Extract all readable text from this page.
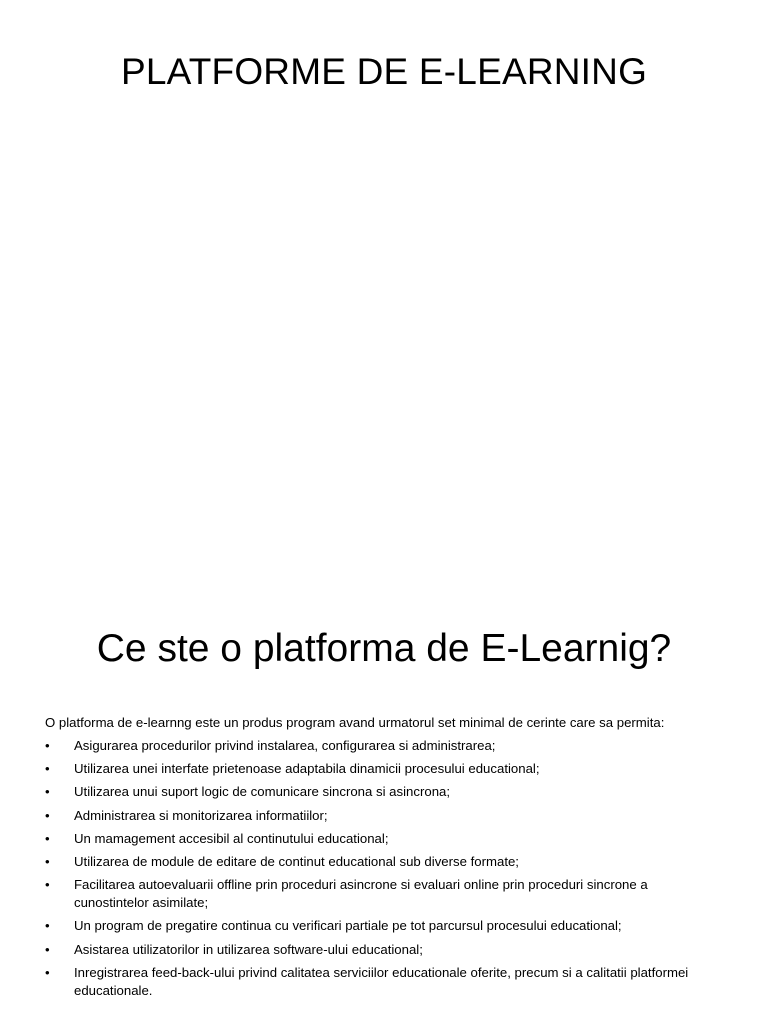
PLATFORME DE E-LEARNING
Ce ste o platforma de E-Learnig?
O platforma de e-learnng este un produs program avand urmatorul set minimal de cerinte care sa permita:
•	Asigurarea procedurilor privind instalarea, configurarea si administrarea;
•	Utilizarea unei interfate prietenoase adaptabila dinamicii procesului educational;
•	Utilizarea unui suport logic de comunicare sincrona si asincrona;
•	Administrarea si monitorizarea informatiilor;
•	Un mamagement accesibil al continutului educational;
•	Utilizarea de module de editare de continut educational sub diverse formate;
•	Facilitarea autoevaluarii offline prin proceduri asincrone si evaluari online prin proceduri sincrone a cunostintelor asimilate;
•	Un program de pregatire continua cu verificari partiale pe tot parcursul procesului educational;
•	Asistarea utilizatorilor in utilizarea software-ului educational;
•	Inregistrarea feed-back-ului privind calitatea serviciilor educationale oferite, precum si a calitatii platformei educationale.
